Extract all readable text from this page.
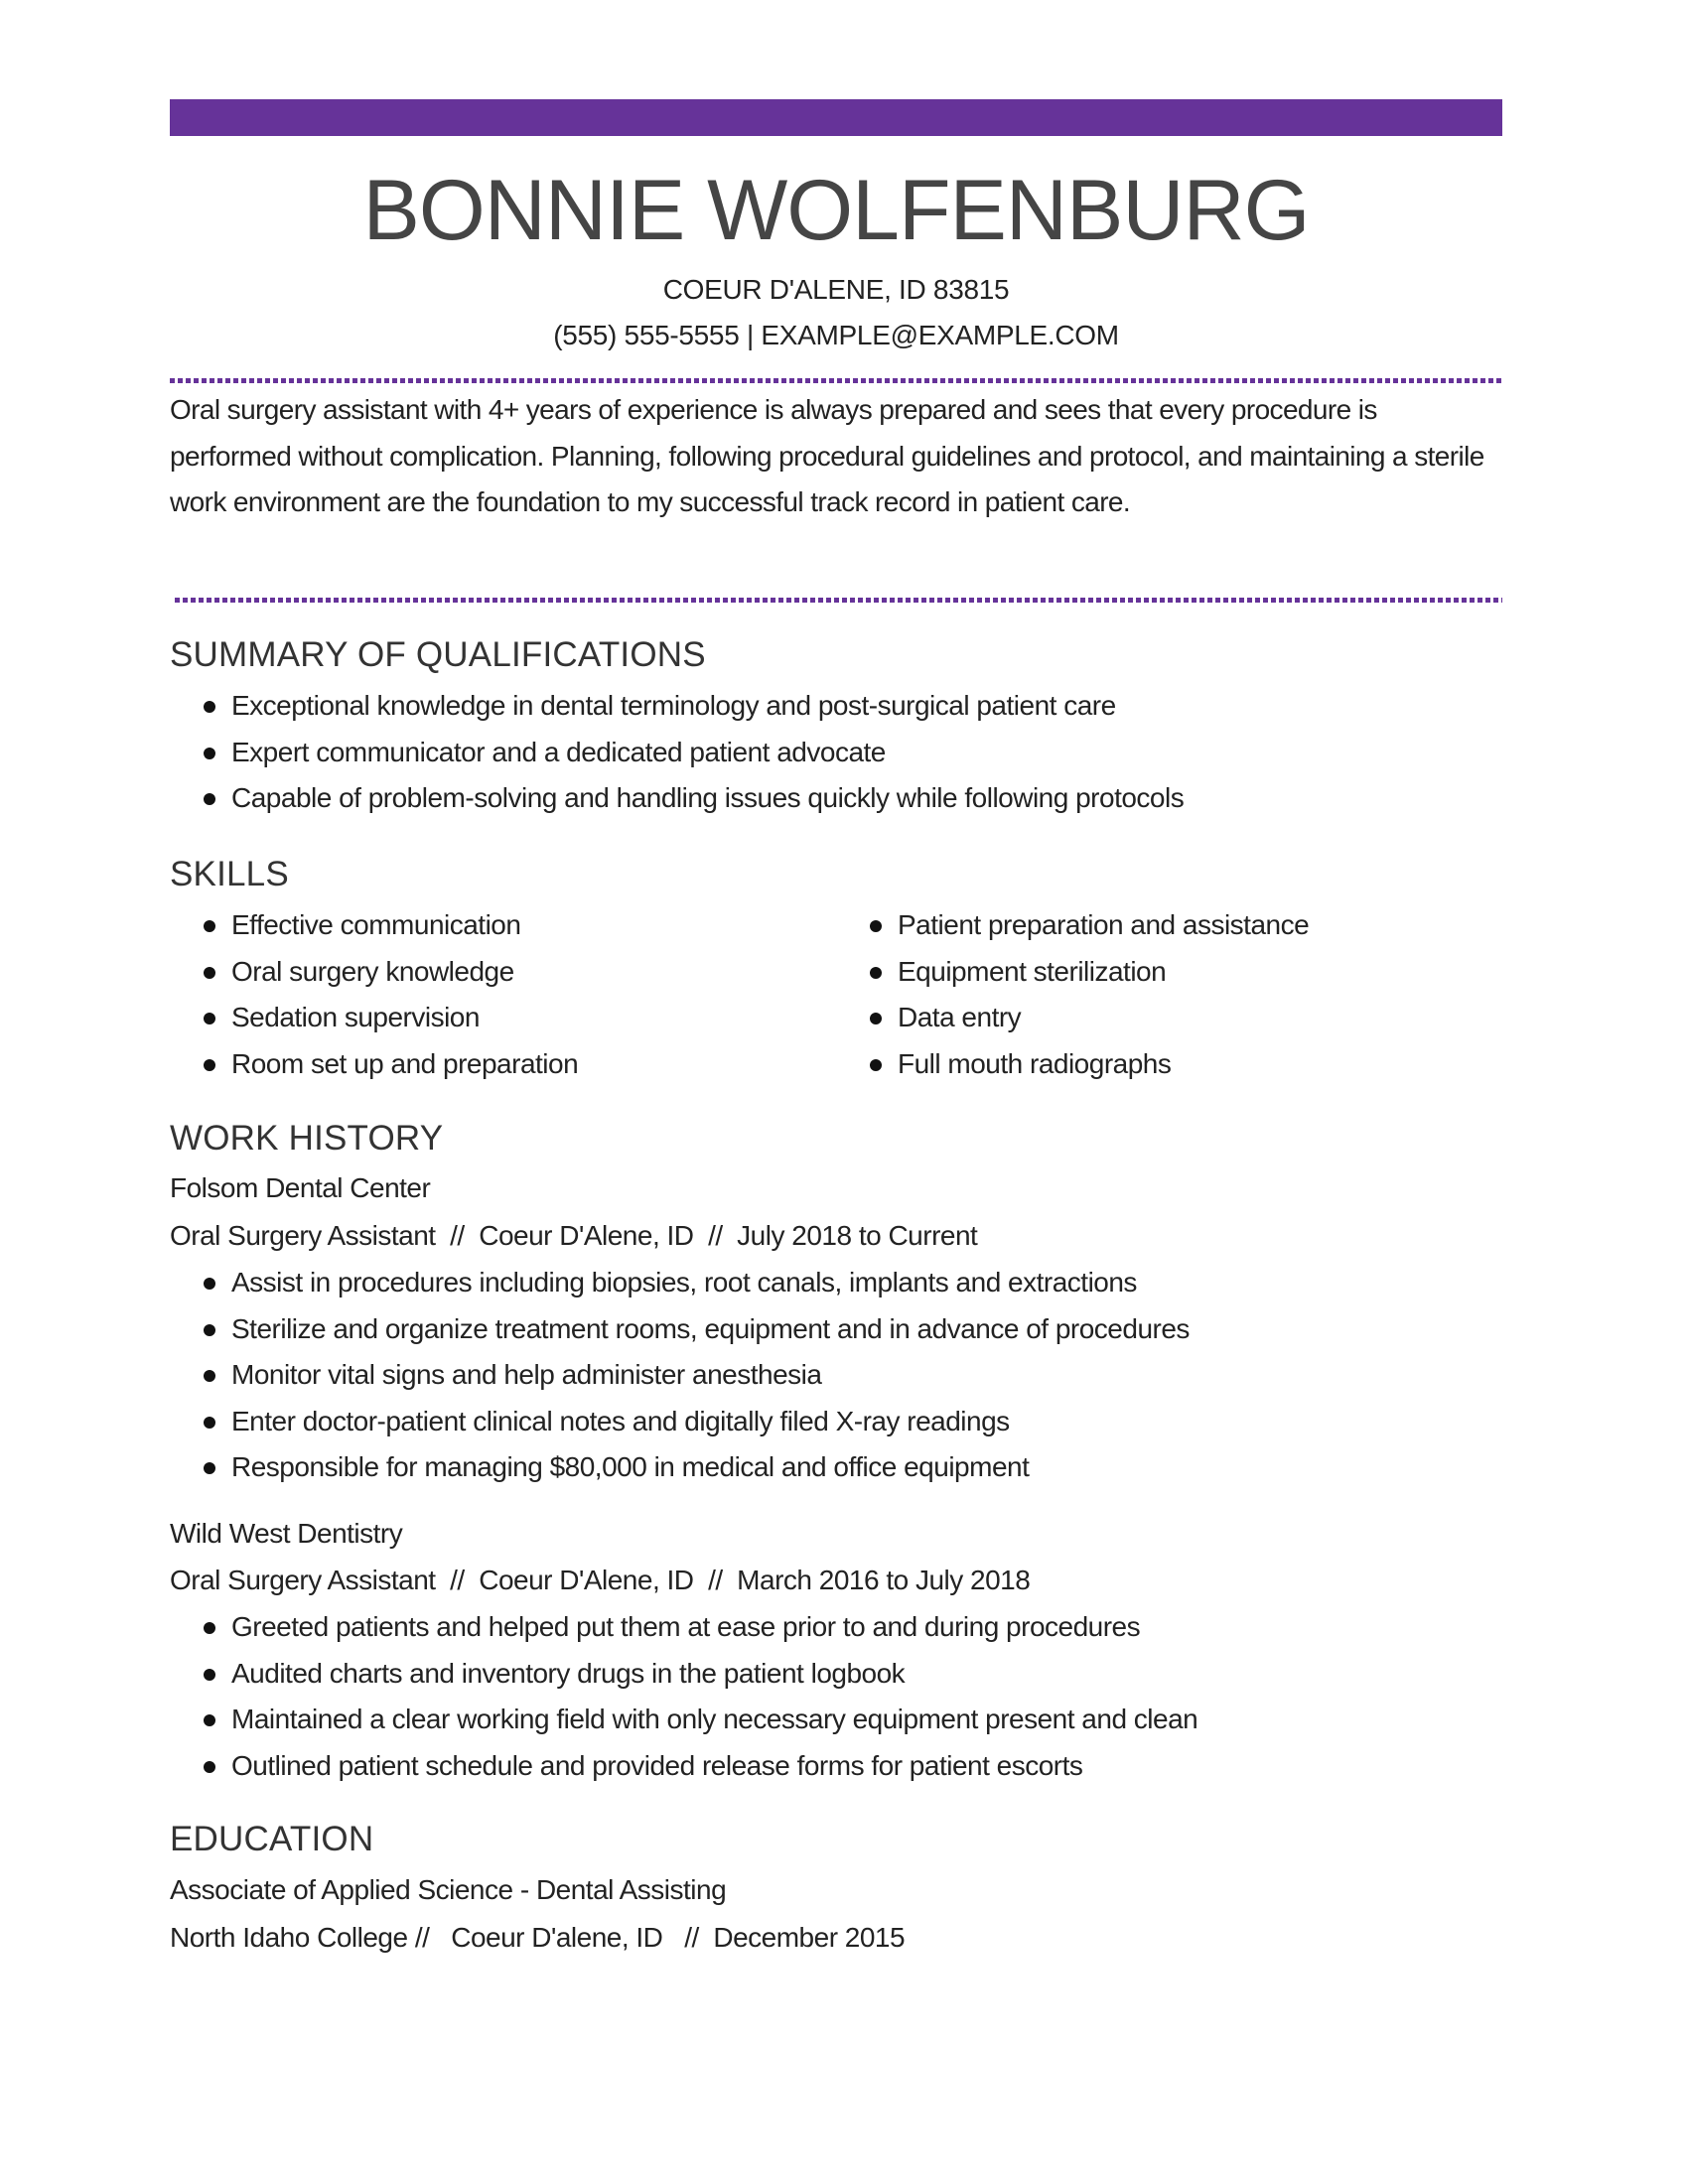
BONNIE WOLFENBURG
COEUR D'ALENE, ID 83815
(555) 555-5555 | EXAMPLE@EXAMPLE.COM
Oral surgery assistant with 4+ years of experience is always prepared and sees that every procedure is performed without complication. Planning, following procedural guidelines and protocol, and maintaining a sterile work environment are the foundation to my successful track record in patient care.
SUMMARY OF QUALIFICATIONS
Exceptional knowledge in dental terminology and post-surgical patient care
Expert communicator and a dedicated patient advocate
Capable of problem-solving and handling issues quickly while following protocols
SKILLS
Effective communication
Oral surgery knowledge
Sedation supervision
Room set up and preparation
Patient preparation and assistance
Equipment sterilization
Data entry
Full mouth radiographs
WORK HISTORY
Folsom Dental Center
Oral Surgery Assistant  //  Coeur D'Alene, ID  //  July 2018 to Current
Assist in procedures including biopsies, root canals, implants and extractions
Sterilize and organize treatment rooms, equipment and in advance of procedures
Monitor vital signs and help administer anesthesia
Enter doctor-patient clinical notes and digitally filed X-ray readings
Responsible for managing $80,000 in medical and office equipment
Wild West Dentistry
Oral Surgery Assistant  //  Coeur D'Alene, ID  //  March 2016 to July 2018
Greeted patients and helped put them at ease prior to and during procedures
Audited charts and inventory drugs in the patient logbook
Maintained a clear working field with only necessary equipment present and clean
Outlined patient schedule and provided release forms for patient escorts
EDUCATION
Associate of Applied Science - Dental Assisting
North Idaho College //   Coeur D'alene, ID   //  December 2015
